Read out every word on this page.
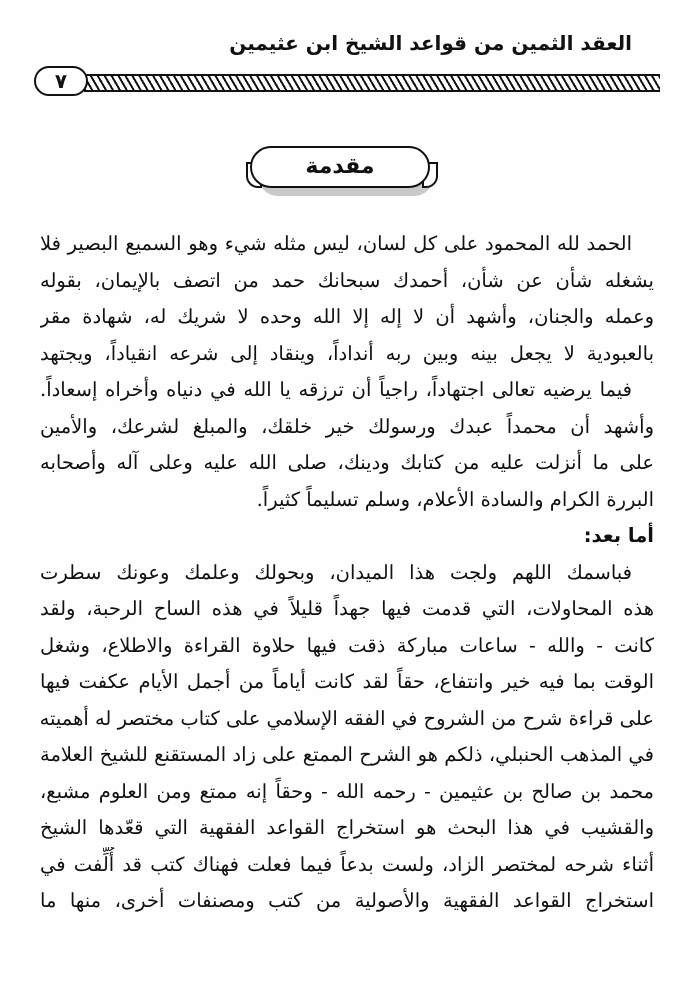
العقد الثمين من قواعد الشيخ ابن عثيمين
٧
مقدمة
الحمد لله المحمود على كل لسان، ليس مثله شيء وهو السميع البصير فلا
يشغله شأن عن شأن، أحمدك سبحانك حمد من اتصف بالإيمان، بقوله
وعمله والجنان، وأشهد أن لا إله إلا الله وحده لا شريك له، شهادة مقر
بالعبودية لا يجعل بينه وبين ربه أنداداً، وينقاد إلى شرعه انقياداً، ويجتهد
فيما يرضيه تعالى اجتهاداً، راجياً أن ترزقه يا الله في دنياه وأخراه إسعاداً.
وأشهد أن محمداً عبدك ورسولك خير خلقك، والمبلغ لشرعك، والأمين
على ما أنزلت عليه من كتابك ودينك، صلى الله عليه وعلى آله وأصحابه
البررة الكرام والسادة الأعلام، وسلم تسليماً كثيراً.
أما بعد:
فباسمك اللهم ولجت هذا الميدان، وبحولك وعلمك وعونك سطرت
هذه المحاولات، التي قدمت فيها جهداً قليلاً في هذه الساح الرحبة، ولقد
كانت - والله - ساعات مباركة ذقت فيها حلاوة القراءة والاطلاع، وشغل
الوقت بما فيه خير وانتفاع، حقاً لقد كانت أياماً من أجمل الأيام عكفت فيها
على قراءة شرح من الشروح في الفقه الإسلامي على كتاب مختصر له أهميته
في المذهب الحنبلي، ذلكم هو الشرح الممتع على زاد المستقنع للشيخ العلامة
محمد بن صالح بن عثيمين - رحمه الله - وحقاً إنه ممتع ومن العلوم مشبع،
والقشيب في هذا البحث هو استخراج القواعد الفقهية التي قعّدها الشيخ
أثناء شرحه لمختصر الزاد، ولست بدعاً فيما فعلت فهناك كتب قد أُلِّفت في
استخراج القواعد الفقهية والأصولية من كتب ومصنفات أخرى، منها ما
